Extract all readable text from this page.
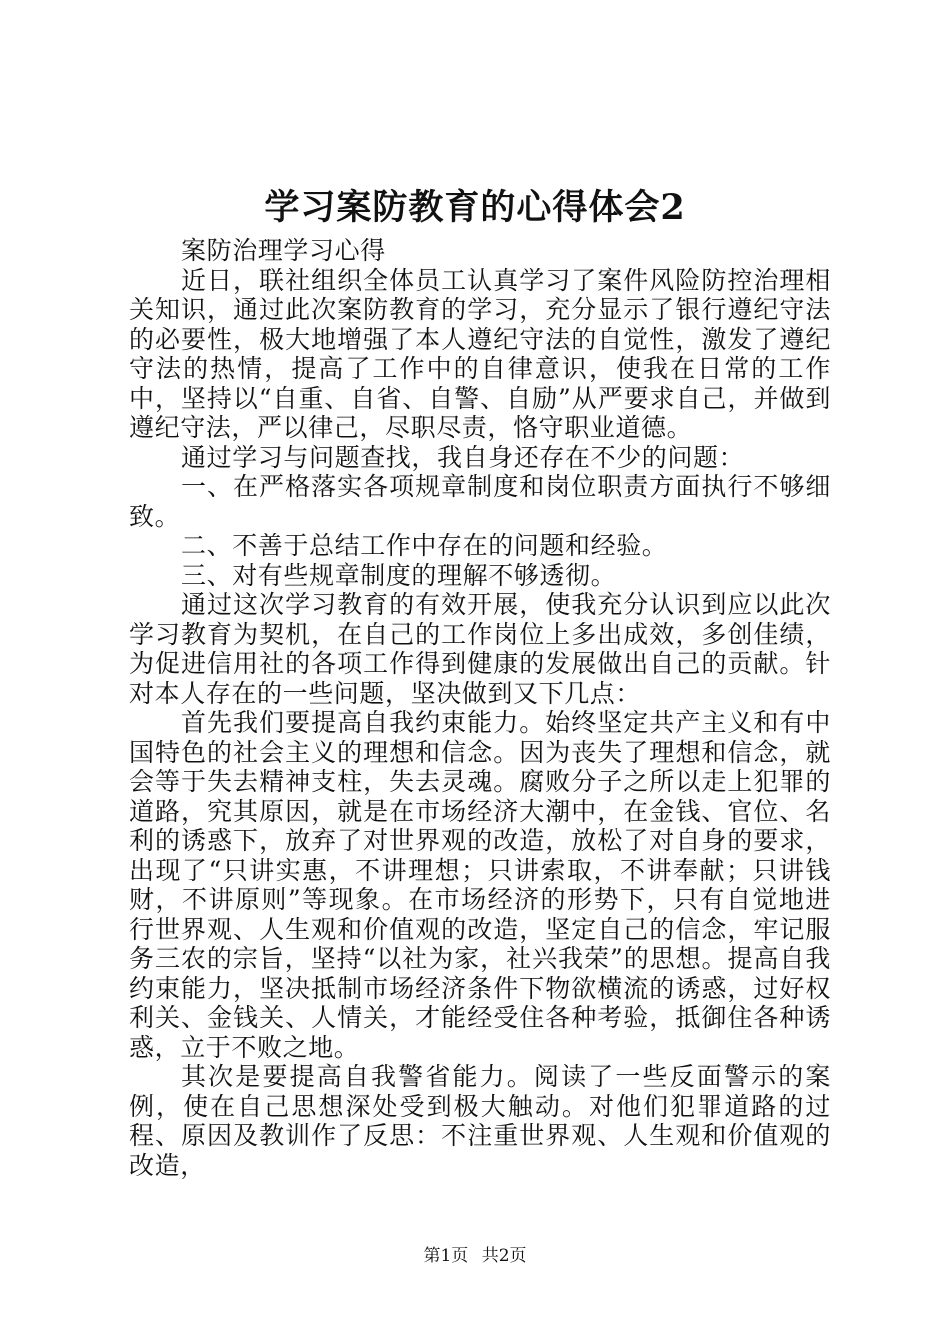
学习案防教育的心得体会2

案防治理学习心得

近日，联社组织全体员工认真学习了案件风险防控治理相关知识，通过此次案防教育的学习，充分显示了银行遵纪守法的必要性，极大地增强了本人遵纪守法的自觉性，激发了遵纪守法的热情，提高了工作中的自律意识，使我在日常的工作中，坚持以“自重、自省、自警、自励”从严要求自己，并做到遵纪守法，严以律己，尽职尽责，恪守职业道德。

通过学习与问题查找，我自身还存在不少的问题：

一、在严格落实各项规章制度和岗位职责方面执行不够细致。

二、不善于总结工作中存在的问题和经验。

三、对有些规章制度的理解不够透彻。

通过这次学习教育的有效开展，使我充分认识到应以此次学习教育为契机，在自己的工作岗位上多出成效，多创佳绩，为促进信用社的各项工作得到健康的发展做出自己的贡献。针对本人存在的一些问题，坚决做到又下几点：

首先我们要提高自我约束能力。始终坚定共产主义和有中国特色的社会主义的理想和信念。因为丧失了理想和信念，就会等于失去精神支柱，失去灵魂。腐败分子之所以走上犯罪的道路，究其原因，就是在市场经济大潮中，在金钱、官位、名利的诱惑下，放弃了对世界观的改造，放松了对自身的要求，出现了“只讲实惠，不讲理想；只讲索取，不讲奉献；只讲钱财，不讲原则”等现象。在市场经济的形势下，只有自觉地进行世界观、人生观和价值观的改造，坚定自己的信念，牢记服务三农的宗旨，坚持“以社为家，社兴我荣”的思想。提高自我约束能力，坚决抵制市场经济条件下物欲横流的诱惑，过好权利关、金钱关、人情关，才能经受住各种考验，抵御住各种诱惑，立于不败之地。

其次是要提高自我警省能力。阅读了一些反面警示的案例，使在自己思想深处受到极大触动。对他们犯罪道路的过程、原因及教训作了反思：不注重世界观、人生观和价值观的改造，

第1页 共2页
